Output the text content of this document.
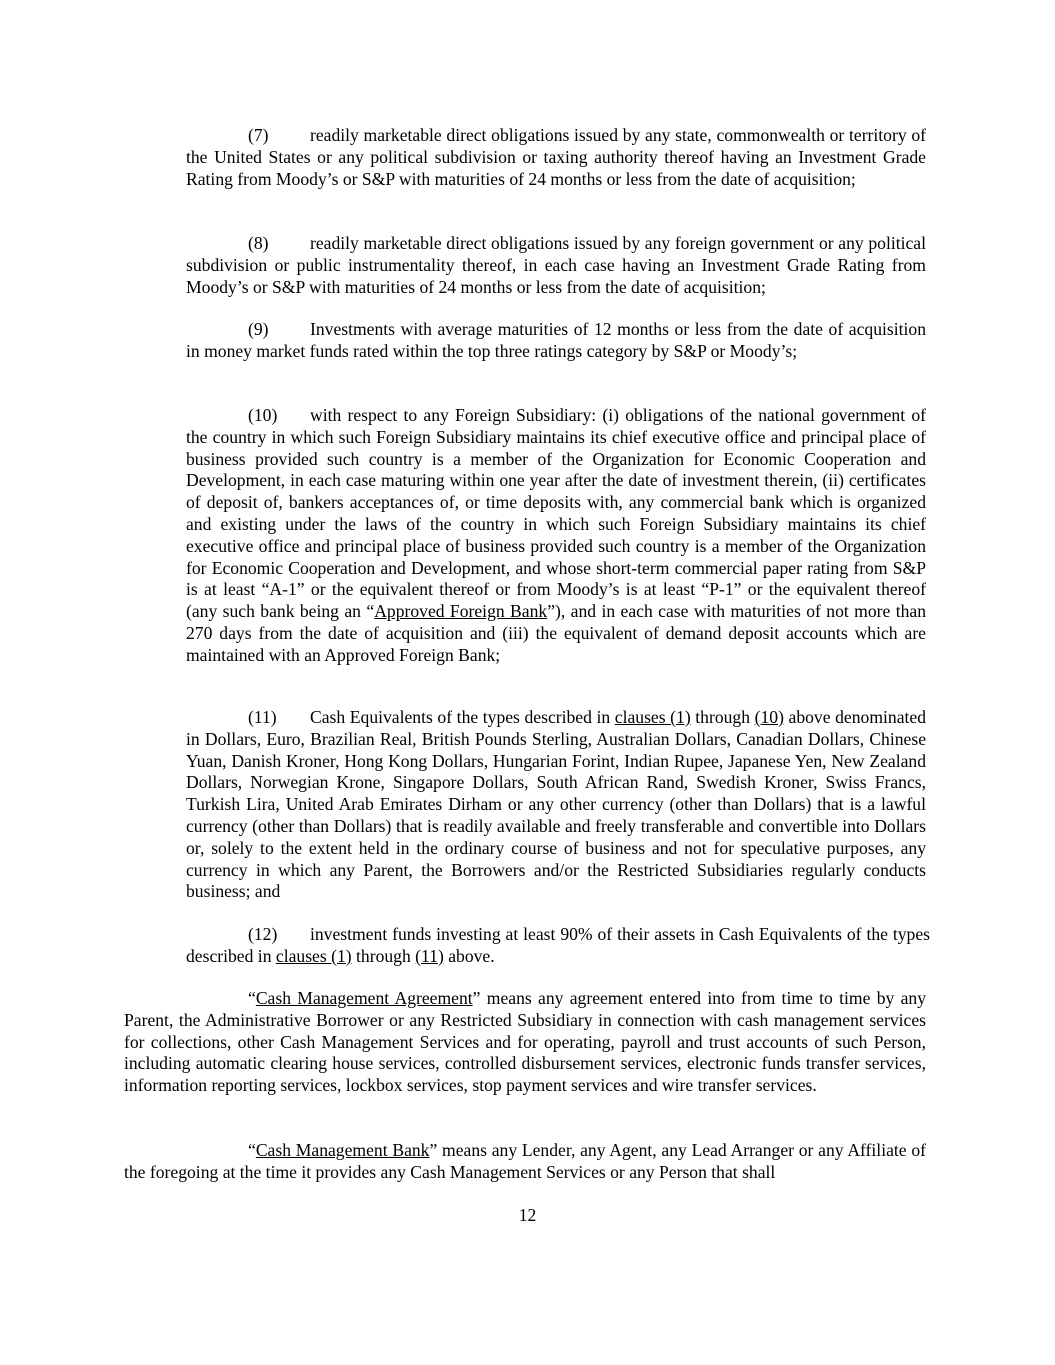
(7) readily marketable direct obligations issued by any state, commonwealth or territory of the United States or any political subdivision or taxing authority thereof having an Investment Grade Rating from Moody’s or S&P with maturities of 24 months or less from the date of acquisition;

(8) readily marketable direct obligations issued by any foreign government or any political subdivision or public instrumentality thereof, in each case having an Investment Grade Rating from Moody’s or S&P with maturities of 24 months or less from the date of acquisition;

(9) Investments with average maturities of 12 months or less from the date of acquisition in money market funds rated within the top three ratings category by S&P or Moody’s;

(10) with respect to any Foreign Subsidiary: (i) obligations of the national government of the country in which such Foreign Subsidiary maintains its chief executive office and principal place of business provided such country is a member of the Organization for Economic Cooperation and Development, in each case maturing within one year after the date of investment therein, (ii) certificates of deposit of, bankers acceptances of, or time deposits with, any commercial bank which is organized and existing under the laws of the country in which such Foreign Subsidiary maintains its chief executive office and principal place of business provided such country is a member of the Organization for Economic Cooperation and Development, and whose short-term commercial paper rating from S&P is at least “A-1” or the equivalent thereof or from Moody’s is at least “P-1” or the equivalent thereof (any such bank being an “Approved Foreign Bank”), and in each case with maturities of not more than 270 days from the date of acquisition and (iii) the equivalent of demand deposit accounts which are maintained with an Approved Foreign Bank;

(11) Cash Equivalents of the types described in clauses (1) through (10) above denominated in Dollars, Euro, Brazilian Real, British Pounds Sterling, Australian Dollars, Canadian Dollars, Chinese Yuan, Danish Kroner, Hong Kong Dollars, Hungarian Forint, Indian Rupee, Japanese Yen, New Zealand Dollars, Norwegian Krone, Singapore Dollars, South African Rand, Swedish Kroner, Swiss Francs, Turkish Lira, United Arab Emirates Dirham or any other currency (other than Dollars) that is a lawful currency (other than Dollars) that is readily available and freely transferable and convertible into Dollars or, solely to the extent held in the ordinary course of business and not for speculative purposes, any currency in which any Parent, the Borrowers and/or the Restricted Subsidiaries regularly conducts business; and

(12) investment funds investing at least 90% of their assets in Cash Equivalents of the types described in clauses (1) through (11) above.

“Cash Management Agreement” means any agreement entered into from time to time by any Parent, the Administrative Borrower or any Restricted Subsidiary in connection with cash management services for collections, other Cash Management Services and for operating, payroll and trust accounts of such Person, including automatic clearing house services, controlled disbursement services, electronic funds transfer services, information reporting services, lockbox services, stop payment services and wire transfer services.

“Cash Management Bank” means any Lender, any Agent, any Lead Arranger or any Affiliate of the foregoing at the time it provides any Cash Management Services or any Person that shall

12
